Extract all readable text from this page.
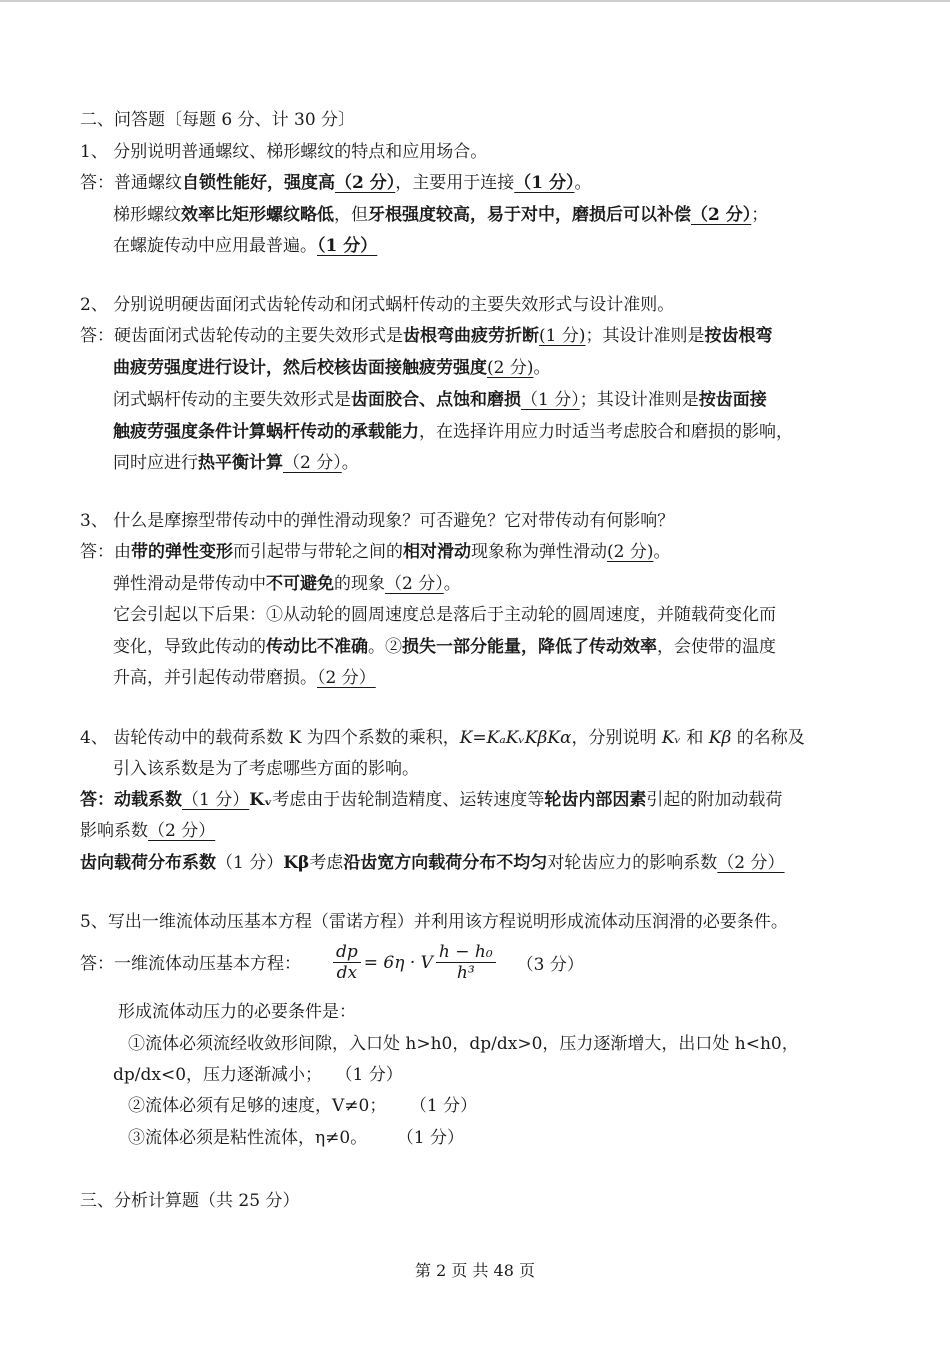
二、问答题〔每题 6 分、计 30 分〕
1、 分别说明普通螺纹、梯形螺纹的特点和应用场合。
答：普通螺纹自锁性能好，强度高（2 分），主要用于连接（1 分）。
梯形螺纹效率比矩形螺纹略低，但牙根强度较高，易于对中，磨损后可以补偿（2 分）；
在螺旋传动中应用最普遍。（1 分）
2、 分别说明硬齿面闭式齿轮传动和闭式蜗杆传动的主要失效形式与设计准则。
答：硬齿面闭式齿轮传动的主要失效形式是齿根弯曲疲劳折断(1 分)；其设计准则是按齿根弯
曲疲劳强度进行设计，然后校核齿面接触疲劳强度(2 分)。
闭式蜗杆传动的主要失效形式是齿面胶合、点蚀和磨损（1 分）；其设计准则是按齿面接
触疲劳强度条件计算蜗杆传动的承载能力，在选择许用应力时适当考虑胶合和磨损的影响，
同时应进行热平衡计算（2 分）。
3、 什么是摩擦型带传动中的弹性滑动现象？可否避免？它对带传动有何影响？
答：由带的弹性变形而引起带与带轮之间的相对滑动现象称为弹性滑动(2 分)。
弹性滑动是带传动中不可避免的现象（2 分）。
它会引起以下后果：①从动轮的圆周速度总是落后于主动轮的圆周速度，并随载荷变化而
变化，导致此传动的传动比不准确。②损失一部分能量，降低了传动效率，会使带的温度
升高，并引起传动带磨损。（2 分）
4、 齿轮传动中的载荷系数 K 为四个系数的乘积，K=KₐKᵥKβKα，分别说明 Kᵥ 和 Kβ 的名称及
引入该系数是为了考虑哪些方面的影响。
答：动载系数（1 分）Kᵥ考虑由于齿轮制造精度、运转速度等轮齿内部因素引起的附加动载荷
影响系数（2 分）
齿向载荷分布系数（1 分）Kβ考虑沿齿宽方向载荷分布不均匀对轮齿应力的影响系数（2 分）
5、写出一维流体动压基本方程（雷诺方程）并利用该方程说明形成流体动压润滑的必要条件。
答：一维流体动压基本方程： $\frac{dp}{dx} = 6\eta \cdot V \frac{\text{h − h₀}}{\text{h³}} (3$ 分）
形成流体动压力的必要条件是：
①流体必须流经收敛形间隙，入口处 h>h0，dp/dx>0，压力逐渐增大，出口处 h<h0，
dp/dx<0，压力逐渐减小； （1 分）
②流体必须有足够的速度，V≠0； （1 分）
③流体必须是粘性流体，η≠0。 （1 分）
三、分析计算题（共 25 分）
第 2 页 共 48 页
